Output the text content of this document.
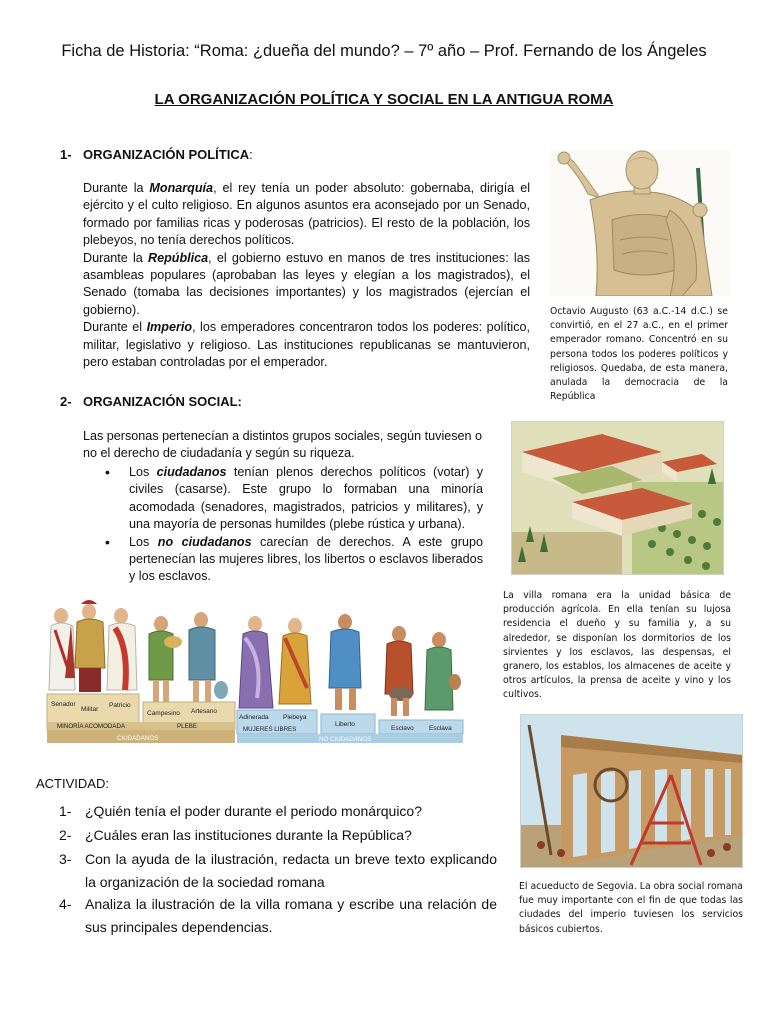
Ficha de Historia: “Roma: ¿dueña del mundo? – 7º año – Prof. Fernando de los Ángeles
LA ORGANIZACIÓN POLÍTICA Y SOCIAL EN LA ANTIGUA ROMA
1- ORGANIZACIÓN POLÍTICA:
Durante la Monarquía, el rey tenía un poder absoluto: gobernaba, dirigía el ejército y el culto religioso. En algunos asuntos era aconsejado por un Senado, formado por familias ricas y poderosas (patricios). El resto de la población, los plebeyos, no tenía derechos políticos.
Durante la República, el gobierno estuvo en manos de tres instituciones: las asambleas populares (aprobaban las leyes y elegían a los magistrados), el Senado (tomaba las decisiones importantes) y los magistrados (ejercían el gobierno).
Durante el Imperio, los emperadores concentraron todos los poderes: político, militar, legislativo y religioso. Las instituciones republicanas se mantuvieron, pero estaban controladas por el emperador.
Octavio Augusto (63 a.C.-14 d.C.) se convirtió, en el 27 a.C., en el primer emperador romano. Concentró en su persona todos los poderes políticos y religiosos. Quedaba, de esta manera, anulada la democracia de la República
2- ORGANIZACIÓN SOCIAL:
Las personas pertenecían a distintos grupos sociales, según tuviesen o no el derecho de ciudadanía y según su riqueza.
• Los ciudadanos tenían plenos derechos políticos (votar) y civiles (casarse). Este grupo lo formaban una minoría acomodada (senadores, magistrados, patricios y militares), y una mayoría de personas humildes (plebe rústica y urbana).
• Los no ciudadanos carecían de derechos. A este grupo pertenecían las mujeres libres, los libertos o esclavos liberados y los esclavos.
La villa romana era la unidad básica de producción agrícola. En ella tenían su lujosa residencia el dueño y su familia y, a su alrededor, se disponían los dormitorios de los sirvientes y los esclavos, las despensas, el granero, los establos, los almacenes de aceite y otros artículos, la prensa de aceite y vino y los cultivos.
Senador
Militar
Patricio
MINORÍA ACOMODADA
Campesino Artesano
PLEBE
CIUDADANOS
Adinerada Plebeya
MUJERES LIBRES
Liberto
Esclavo Esclava
NO CIUDADANOS
El acueducto de Segovia. La obra social romana fue muy importante con el fin de que todas las ciudades del imperio tuviesen los servicios básicos cubiertos.
ACTIVIDAD:
1- ¿Quién tenía el poder durante el periodo monárquico?
2- ¿Cuáles eran las instituciones durante la República?
3- Con la ayuda de la ilustración, redacta un breve texto explicando la organización de la sociedad romana
4- Analiza la ilustración de la villa romana y escribe una relación de sus principales dependencias.
